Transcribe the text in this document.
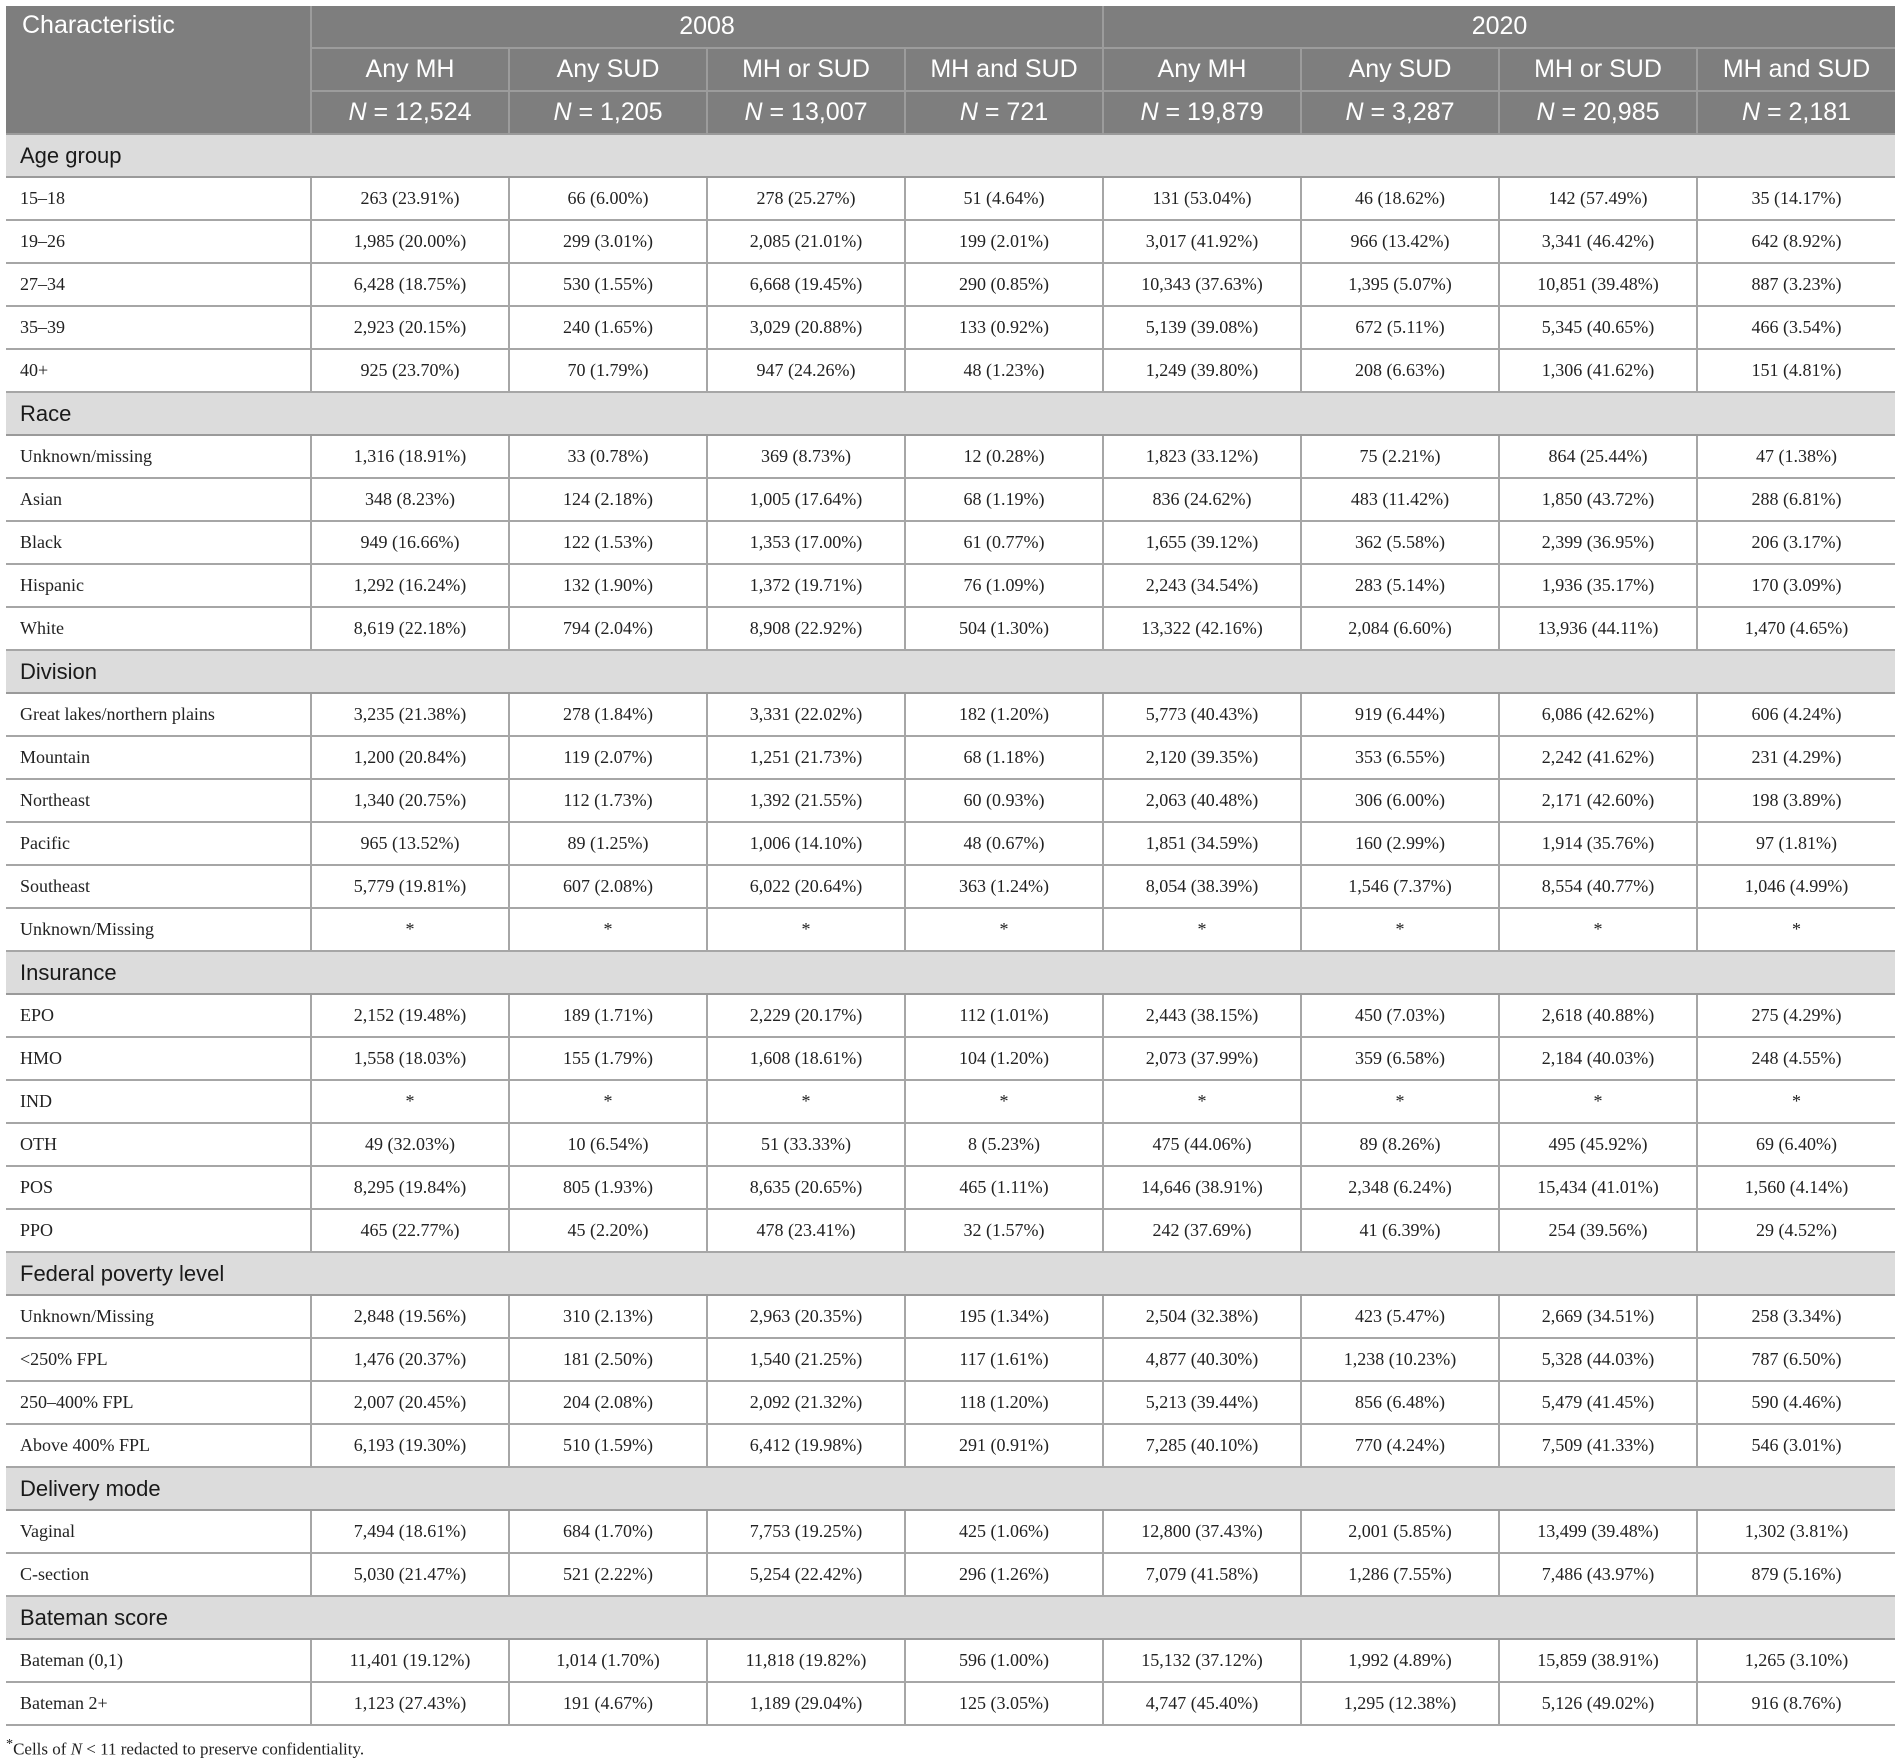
Characteristic	2008				2020			
	Any MH	Any SUD	MH or SUD	MH and SUD	Any MH	Any SUD	MH or SUD	MH and SUD
	N = 12,524	N = 1,205	N = 13,007	N = 721	N = 19,879	N = 3,287	N = 20,985	N = 2,181
Age group								
15–18	263 (23.91%)	66 (6.00%)	278 (25.27%)	51 (4.64%)	131 (53.04%)	46 (18.62%)	142 (57.49%)	35 (14.17%)
19–26	1,985 (20.00%)	299 (3.01%)	2,085 (21.01%)	199 (2.01%)	3,017 (41.92%)	966 (13.42%)	3,341 (46.42%)	642 (8.92%)
27–34	6,428 (18.75%)	530 (1.55%)	6,668 (19.45%)	290 (0.85%)	10,343 (37.63%)	1,395 (5.07%)	10,851 (39.48%)	887 (3.23%)
35–39	2,923 (20.15%)	240 (1.65%)	3,029 (20.88%)	133 (0.92%)	5,139 (39.08%)	672 (5.11%)	5,345 (40.65%)	466 (3.54%)
40+	925 (23.70%)	70 (1.79%)	947 (24.26%)	48 (1.23%)	1,249 (39.80%)	208 (6.63%)	1,306 (41.62%)	151 (4.81%)
Race								
Unknown/missing	1,316 (18.91%)	33 (0.78%)	369 (8.73%)	12 (0.28%)	1,823 (33.12%)	75 (2.21%)	864 (25.44%)	47 (1.38%)
Asian	348 (8.23%)	124 (2.18%)	1,005 (17.64%)	68 (1.19%)	836 (24.62%)	483 (11.42%)	1,850 (43.72%)	288 (6.81%)
Black	949 (16.66%)	122 (1.53%)	1,353 (17.00%)	61 (0.77%)	1,655 (39.12%)	362 (5.58%)	2,399 (36.95%)	206 (3.17%)
Hispanic	1,292 (16.24%)	132 (1.90%)	1,372 (19.71%)	76 (1.09%)	2,243 (34.54%)	283 (5.14%)	1,936 (35.17%)	170 (3.09%)
White	8,619 (22.18%)	794 (2.04%)	8,908 (22.92%)	504 (1.30%)	13,322 (42.16%)	2,084 (6.60%)	13,936 (44.11%)	1,470 (4.65%)
Division								
Great lakes/northern plains	3,235 (21.38%)	278 (1.84%)	3,331 (22.02%)	182 (1.20%)	5,773 (40.43%)	919 (6.44%)	6,086 (42.62%)	606 (4.24%)
Mountain	1,200 (20.84%)	119 (2.07%)	1,251 (21.73%)	68 (1.18%)	2,120 (39.35%)	353 (6.55%)	2,242 (41.62%)	231 (4.29%)
Northeast	1,340 (20.75%)	112 (1.73%)	1,392 (21.55%)	60 (0.93%)	2,063 (40.48%)	306 (6.00%)	2,171 (42.60%)	198 (3.89%)
Pacific	965 (13.52%)	89 (1.25%)	1,006 (14.10%)	48 (0.67%)	1,851 (34.59%)	160 (2.99%)	1,914 (35.76%)	97 (1.81%)
Southeast	5,779 (19.81%)	607 (2.08%)	6,022 (20.64%)	363 (1.24%)	8,054 (38.39%)	1,546 (7.37%)	8,554 (40.77%)	1,046 (4.99%)
Unknown/Missing	*	*	*	*	*	*	*	*
Insurance								
EPO	2,152 (19.48%)	189 (1.71%)	2,229 (20.17%)	112 (1.01%)	2,443 (38.15%)	450 (7.03%)	2,618 (40.88%)	275 (4.29%)
HMO	1,558 (18.03%)	155 (1.79%)	1,608 (18.61%)	104 (1.20%)	2,073 (37.99%)	359 (6.58%)	2,184 (40.03%)	248 (4.55%)
IND	*	*	*	*	*	*	*	*
OTH	49 (32.03%)	10 (6.54%)	51 (33.33%)	8 (5.23%)	475 (44.06%)	89 (8.26%)	495 (45.92%)	69 (6.40%)
POS	8,295 (19.84%)	805 (1.93%)	8,635 (20.65%)	465 (1.11%)	14,646 (38.91%)	2,348 (6.24%)	15,434 (41.01%)	1,560 (4.14%)
PPO	465 (22.77%)	45 (2.20%)	478 (23.41%)	32 (1.57%)	242 (37.69%)	41 (6.39%)	254 (39.56%)	29 (4.52%)
Federal poverty level								
Unknown/Missing	2,848 (19.56%)	310 (2.13%)	2,963 (20.35%)	195 (1.34%)	2,504 (32.38%)	423 (5.47%)	2,669 (34.51%)	258 (3.34%)
<250% FPL	1,476 (20.37%)	181 (2.50%)	1,540 (21.25%)	117 (1.61%)	4,877 (40.30%)	1,238 (10.23%)	5,328 (44.03%)	787 (6.50%)
250–400% FPL	2,007 (20.45%)	204 (2.08%)	2,092 (21.32%)	118 (1.20%)	5,213 (39.44%)	856 (6.48%)	5,479 (41.45%)	590 (4.46%)
Above 400% FPL	6,193 (19.30%)	510 (1.59%)	6,412 (19.98%)	291 (0.91%)	7,285 (40.10%)	770 (4.24%)	7,509 (41.33%)	546 (3.01%)
Delivery mode								
Vaginal	7,494 (18.61%)	684 (1.70%)	7,753 (19.25%)	425 (1.06%)	12,800 (37.43%)	2,001 (5.85%)	13,499 (39.48%)	1,302 (3.81%)
C-section	5,030 (21.47%)	521 (2.22%)	5,254 (22.42%)	296 (1.26%)	7,079 (41.58%)	1,286 (7.55%)	7,486 (43.97%)	879 (5.16%)
Bateman score								
Bateman (0,1)	11,401 (19.12%)	1,014 (1.70%)	11,818 (19.82%)	596 (1.00%)	15,132 (37.12%)	1,992 (4.89%)	15,859 (38.91%)	1,265 (3.10%)
Bateman 2+	1,123 (27.43%)	191 (4.67%)	1,189 (29.04%)	125 (3.05%)	4,747 (45.40%)	1,295 (12.38%)	5,126 (49.02%)	916 (8.76%)
*Cells of N < 11 redacted to preserve confidentiality.
